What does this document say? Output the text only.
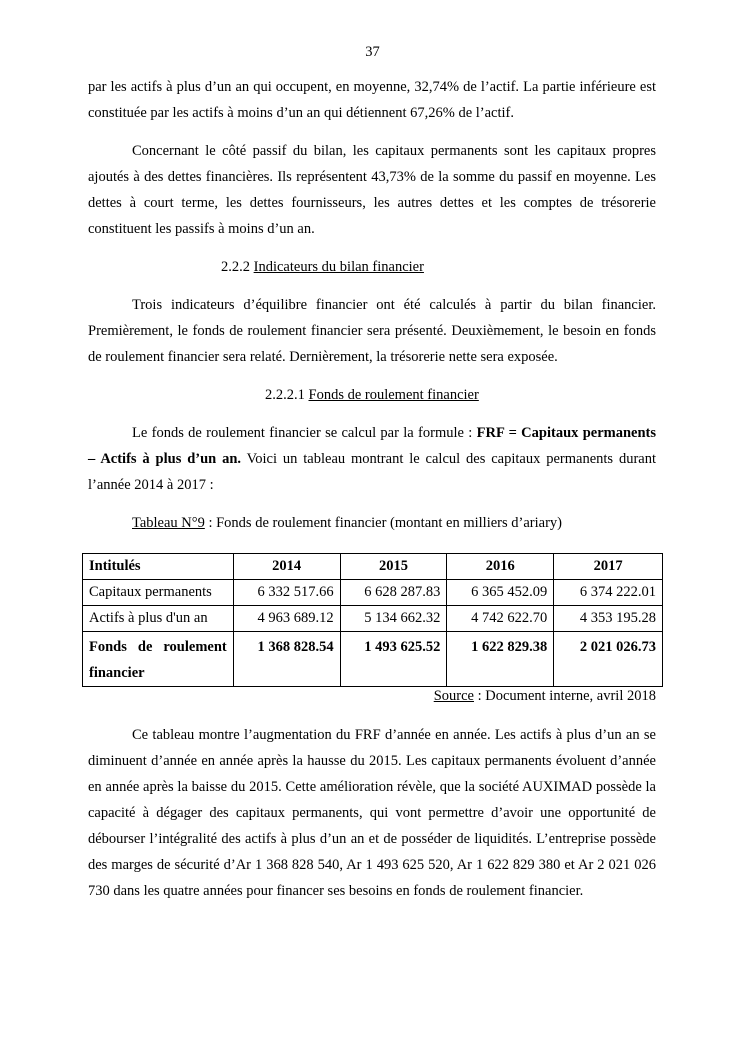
37

par les actifs à plus d’un an qui occupent, en moyenne, 32,74% de l’actif. La partie inférieure est constituée par les actifs à moins d’un an qui détiennent 67,26% de l’actif.

Concernant le côté passif du bilan, les capitaux permanents sont les capitaux propres ajoutés à des dettes financières. Ils représentent 43,73% de la somme du passif en moyenne. Les dettes à court terme, les dettes fournisseurs, les autres dettes et les comptes de trésorerie constituent les passifs à moins d’un an.

2.2.2 Indicateurs du bilan financier

Trois indicateurs d’équilibre financier ont été calculés à partir du bilan financier. Premièrement, le fonds de roulement financier sera présenté. Deuxièmement, le besoin en fonds de roulement financier sera relaté. Dernièrement, la trésorerie nette sera exposée.

2.2.2.1 Fonds de roulement financier

Le fonds de roulement financier se calcul par la formule : FRF = Capitaux permanents – Actifs à plus d’un an. Voici un tableau montrant le calcul des capitaux permanents durant l’année 2014 à 2017 :

Tableau N°9 : Fonds de roulement financier (montant en milliers d’ariary)
Intitulés	2014	2015	2016	2017
Capitaux permanents	6 332 517.66	6 628 287.83	6 365 452.09	6 374 222.01
Actifs à plus d'un an	4 963 689.12	5 134 662.32	4 742 622.70	4 353 195.28
Fonds de roulement financier	1 368 828.54	1 493 625.52	1 622 829.38	2 021 026.73
Source : Document interne, avril 2018

Ce tableau montre l’augmentation du FRF d’année en année. Les actifs à plus d’un an se diminuent d’année en année après la hausse du 2015. Les capitaux permanents évoluent d’année en année après la baisse du 2015. Cette amélioration révèle, que la société AUXIMAD possède la capacité à dégager des capitaux permanents, qui vont permettre d’avoir une opportunité de débourser l’intégralité des actifs à plus d’un an et de posséder de liquidités. L’entreprise possède des marges de sécurité d’Ar 1 368 828 540, Ar 1 493 625 520, Ar 1 622 829 380 et Ar 2 021 026 730 dans les quatre années pour financer ses besoins en fonds de roulement financier.
